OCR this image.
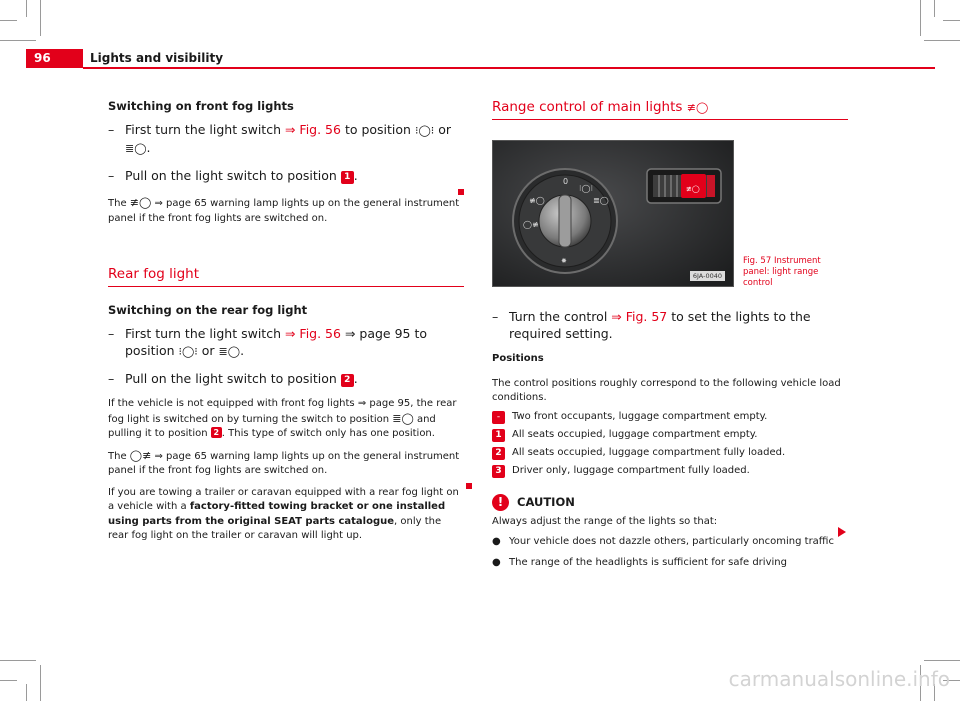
96	Lights and visibility
Switching on front fog lights
– First turn the light switch ⇒ Fig. 56 to position ⁝◯⁝ or ≣◯.
– Pull on the light switch to position 1 .

The ≢◯ ⇒ page 65 warning lamp lights up on the general instrument panel if the front fog lights are switched on.

Rear fog light
Switching on the rear fog light
– First turn the light switch ⇒ Fig. 56 ⇒ page 95 to position ⁝◯⁝ or ≣◯.
– Pull on the light switch to position 2 .

If the vehicle is not equipped with front fog lights ⇒ page 95, the rear fog light is switched on by turning the switch to position ≣◯ and pulling it to position 2 . This type of switch only has one position.

The ◯≢ ⇒ page 65 warning lamp lights up on the general instrument panel if the front fog lights are switched on.

If you are towing a trailer or caravan equipped with a rear fog light on a vehicle with a factory-fitted towing bracket or one installed using parts from the original SEAT parts catalogue, only the rear fog light on the trailer or caravan will light up.

Range control of main lights ≢◯
0
⁝◯⁝
≣◯
≢◯
◯≢
✸
≢◯
6JA-0040
– Turn the control ⇒ Fig. 57 to set the lights to the required setting.

Positions

The control positions roughly correspond to the following vehicle load conditions.

-	Two front occupants, luggage compartment empty.
1	All seats occupied, luggage compartment empty.
2	All seats occupied, luggage compartment fully loaded.
3	Driver only, luggage compartment fully loaded.
! CAUTION

Always adjust the range of the lights so that:

● Your vehicle does not dazzle others, particularly oncoming traffic
● The range of the headlights is sufficient for safe driving
Fig. 57 Instrument panel: light range control
carmanualsonline.info
